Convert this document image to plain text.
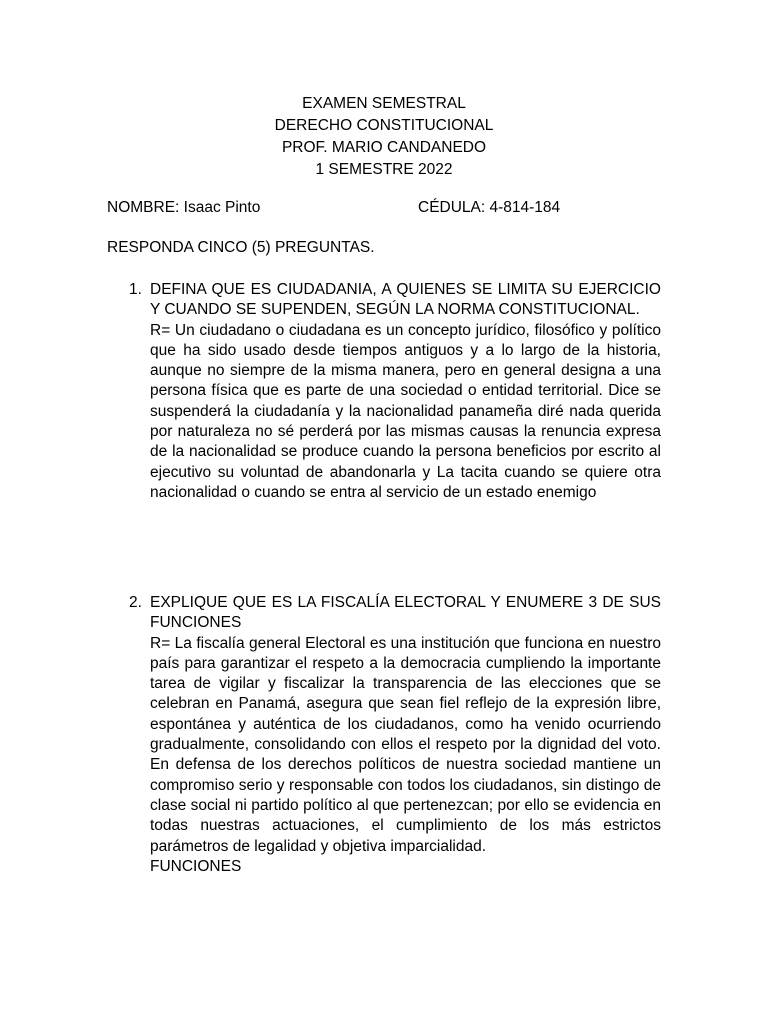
EXAMEN SEMESTRAL
DERECHO CONSTITUCIONAL
PROF. MARIO CANDANEDO
1 SEMESTRE 2022
NOMBRE: Isaac Pinto	CÉDULA: 4-814-184
RESPONDA CINCO (5) PREGUNTAS.
1. DEFINA QUE ES CIUDADANIA, A QUIENES SE LIMITA SU EJERCICIO Y CUANDO SE SUPENDEN, SEGÚN LA NORMA CONSTITUCIONAL.

R= Un ciudadano o ciudadana es un concepto jurídico, filosófico y político que ha sido usado desde tiempos antiguos y a lo largo de la historia, aunque no siempre de la misma manera, pero en general designa a una persona física que es parte de una sociedad o entidad territorial. Dice se suspenderá la ciudadanía y la nacionalidad panameña diré nada querida por naturaleza no sé perderá por las mismas causas la renuncia expresa de la nacionalidad se produce cuando la persona beneficios por escrito al ejecutivo su voluntad de abandonarla y La tacita cuando se quiere otra nacionalidad o cuando se entra al servicio de un estado enemigo

2. EXPLIQUE QUE ES LA FISCALÍA ELECTORAL Y ENUMERE 3 DE SUS FUNCIONES

R= La fiscalía general Electoral es una institución que funciona en nuestro país para garantizar el respeto a la democracia cumpliendo la importante tarea de vigilar y fiscalizar la transparencia de las elecciones que se celebran en Panamá, asegura que sean fiel reflejo de la expresión libre, espontánea y auténtica de los ciudadanos, como ha venido ocurriendo gradualmente, consolidando con ellos el respeto por la dignidad del voto. En defensa de los derechos políticos de nuestra sociedad mantiene un compromiso serio y responsable con todos los ciudadanos, sin distingo de clase social ni partido político al que pertenezcan; por ello se evidencia en todas nuestras actuaciones, el cumplimiento de los más estrictos parámetros de legalidad y objetiva imparcialidad.

FUNCIONES
